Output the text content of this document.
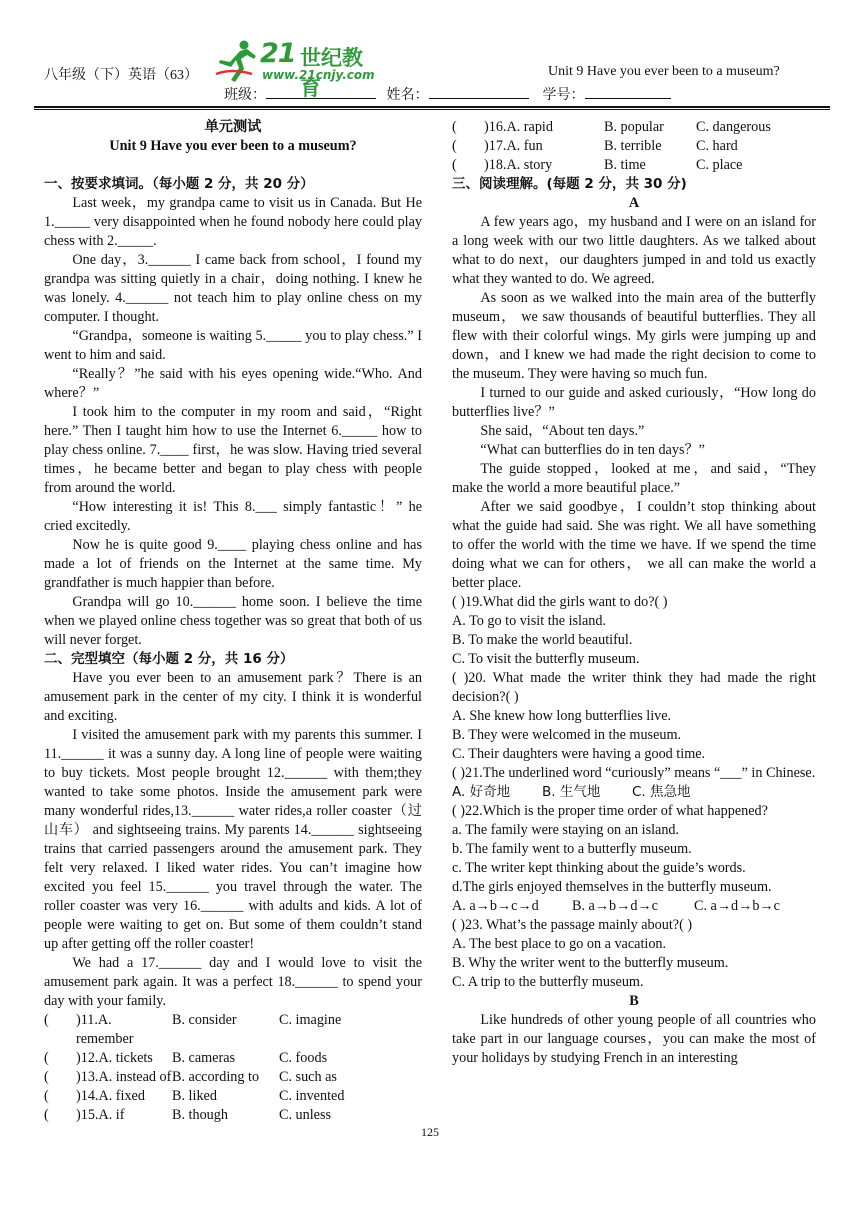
八年级（下）英语（63）
21 世纪教育
www.21cnjy.com	Unit 9 Have you ever been to a museum?
班级：	姓名：	学号：
单元测试
Unit 9 Have you ever been to a museum?
一、按要求填词。（每小题 2 分，共 20 分）

Last week，my grandpa came to visit us in Canada. But He 1._____ very disappointed when he found nobody here could play chess with 2._____.

One day，3.______ I came back from school，I found my grandpa was sitting quietly in a chair，doing nothing. I knew he was lonely. 4.______ not teach him to play online chess on my computer. I thought.

“Grandpa，someone is waiting 5._____ you to play chess.” I went to him and said.

“Really？”he said with his eyes opening wide.“Who. And where？”

I took him to the computer in my room and said，“Right here.” Then I taught him how to use the Internet 6._____ how to play chess online. 7.____ first，he was slow. Having tried several times，he became better and began to play chess with people from around the world.

“How interesting it is! This 8.___ simply fantastic！” he cried excitedly.

Now he is quite good 9.____ playing chess online and has made a lot of friends on the Internet at the same time. My grandfather is much happier than before.

Grandpa will go 10.______ home soon. I believe the time when we played online chess together was so great that both of us will never forget.

二、完型填空（每小题 2 分，共 16 分）

Have you ever been to an amusement park？There is an amusement park in the center of my city. I think it is wonderful and exciting.

I visited the amusement park with my parents this summer. I 11.______ it was a sunny day. A long line of people were waiting to buy tickets. Most people brought 12.______ with them;they wanted to take some photos. Inside the amusement park were many wonderful rides,13.______ water rides,a roller coaster（过山车） and sightseeing trains. My parents 14.______ sightseeing trains that carried passengers around the amusement park. They felt very relaxed. I liked water rides. You can’t imagine how excited you feel 15.______ you travel through the water. The roller coaster was very 16.______ with adults and kids. A lot of people were waiting to get on. But some of them couldn’t stand up after getting off the roller coaster!

We had a 17.______ day and I would love to visit the amusement park again. It was a perfect 18.______ to spend your day with your family.

(	)11.A. remember
B. consider	C. imagine
(	)12.A. tickets	B. cameras	C. foods
(	)13.A. instead of B. according to	C. such as
(	)14.A. fixed	B. liked	C. invented
(	)15.A. if	B. though	C. unless
(	)16.A. rapid	B. popular	C. dangerous
(	)17.A. fun	B. terrible	C. hard
(	)18.A. story	B. time	C. place
三、阅读理解。(每题 2 分，共 30 分)
A

A few years ago，my husband and I were on an island for a long week with our two little daughters. As we talked about what to do next，our daughters jumped in and told us exactly what they wanted to do. We agreed.

As soon as we walked into the main area of the butterfly museum， we saw thousands of beautiful butterflies. They all flew with their colorful wings. My girls were jumping up and down，and I knew we had made the right decision to come to the museum. They were having so much fun.

I turned to our guide and asked curiously，“How long do butterflies live？”

She said，“About ten days.”

“What can butterflies do in ten days？”

The guide stopped，looked at me，and said，“They make the world a more beautiful place.”

After we said goodbye，I couldn’t stop thinking about what the guide had said. She was right. We all have something to offer the world with the time we have. If we spend the time doing what we can for others， we all can make the world a better place.

( )19.What did the girls want to do?( )

A. To go to visit the island.

B. To make the world beautiful.

C. To visit the butterfly museum.

( )20. What made the writer think they had made the right decision?( )

A. She knew how long butterflies live.

B. They were welcomed in the museum.

C. Their daughters were having a good time.

( )21.The underlined word “curiously” means “___” in Chinese.

A. 好奇地	B. 生气地	C. 焦急地

( )22.Which is the proper time order of what happened?

a. The family were staying on an island.

b. The family went to a butterfly museum.

c. The writer kept thinking about the guide’s words.

d.The girls enjoyed themselves in the butterfly museum.

A. a→b→c→d	B. a→b→d→c	C. a→d→b→c

( )23. What’s the passage mainly about?( )

A. The best place to go on a vacation.

B. Why the writer went to the butterfly museum.

C. A trip to the butterfly museum.

B

Like hundreds of other young people of all countries who take part in our language courses，you can make the most of your holidays by studying French in an interesting

125
